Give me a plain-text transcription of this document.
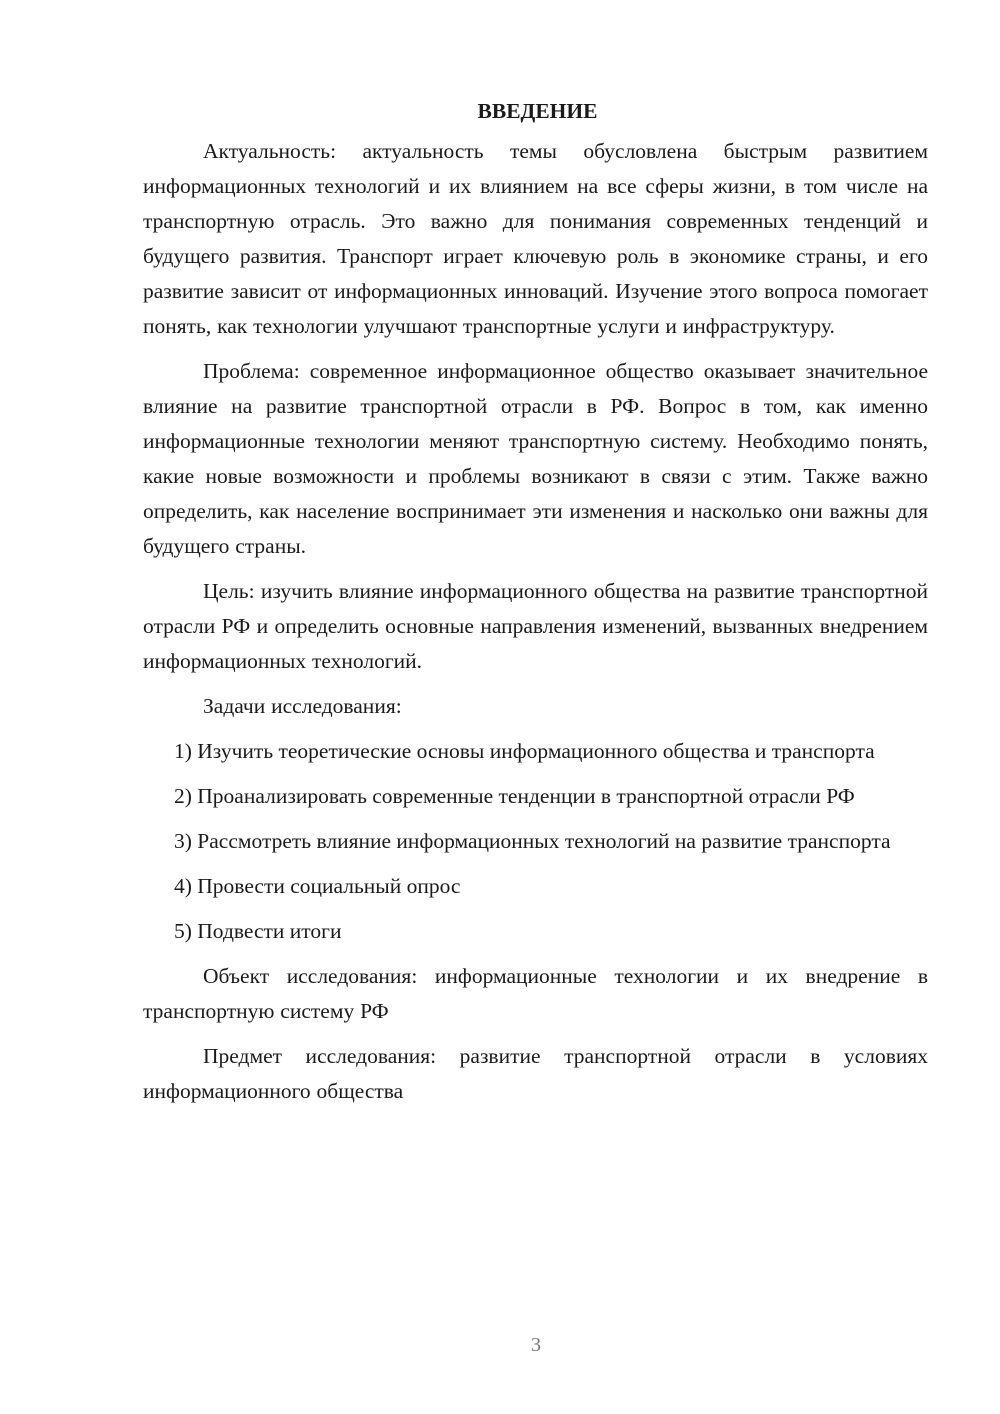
ВВЕДЕНИЕ

Актуальность: актуальность темы обусловлена быстрым развитием информационных технологий и их влиянием на все сферы жизни, в том числе на транспортную отрасль. Это важно для понимания современных тенденций и будущего развития. Транспорт играет ключевую роль в экономике страны, и его развитие зависит от информационных инноваций. Изучение этого вопроса помогает понять, как технологии улучшают транспортные услуги и инфраструктуру.

Проблема: современное информационное общество оказывает значительное влияние на развитие транспортной отрасли в РФ. Вопрос в том, как именно информационные технологии меняют транспортную систему. Необходимо понять, какие новые возможности и проблемы возникают в связи с этим. Также важно определить, как население воспринимает эти изменения и насколько они важны для будущего страны.

Цель: изучить влияние информационного общества на развитие транспортной отрасли РФ и определить основные направления изменений, вызванных внедрением информационных технологий.

Задачи исследования:

1) Изучить теоретические основы информационного общества и транспорта
2) Проанализировать современные тенденции в транспортной отрасли РФ
3) Рассмотреть влияние информационных технологий на развитие транспорта
4) Провести социальный опрос
5) Подвести итоги

Объект исследования: информационные технологии и их внедрение в транспортную систему РФ

Предмет исследования: развитие транспортной отрасли в условиях информационного общества

3
